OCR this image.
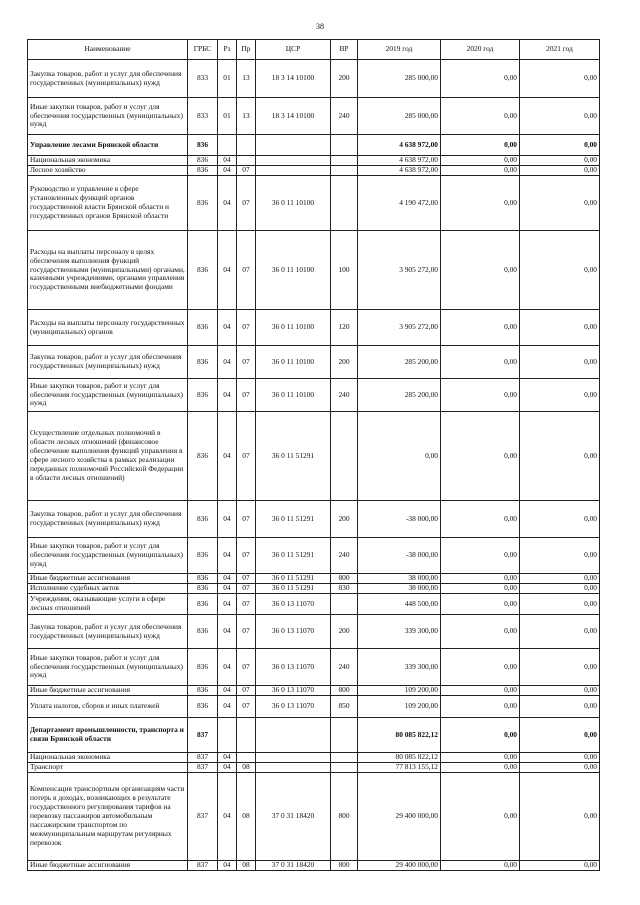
38
Наименование	ГРБС	Рз	Пр	ЦСР	ВР	2019 год	2020 год	2021 год
Закупка товаров, работ и услуг для обеспечения государственных (муниципальных) нужд	833	01	13	18 3 14 10100	200	285 000,00	0,00	0,00
Иные закупки товаров, работ и услуг для обеспечения государственных (муниципальных) нужд	833	01	13	18 3 14 10100	240	285 000,00	0,00	0,00
Управление лесами Брянской области	836					4 638 972,00	0,00	0,00
Национальная экономика	836	04				4 638 972,00	0,00	0,00
Лесное хозяйство	836	04	07			4 638 972,00	0,00	0,00
Руководство и управление в сфере установленных функций органов государственной власти Брянской области и государственных органов Брянской области	836	04	07	36 0 11 10100		4 190 472,00	0,00	0,00
Расходы на выплаты персоналу в целях обеспечения выполнения функций государственными (муниципальными) органами, казенными учреждениями, органами управления государственными внебюджетными фондами	836	04	07	36 0 11 10100	100	3 905 272,00	0,00	0,00
Расходы на выплаты персоналу государственных (муниципальных) органов	836	04	07	36 0 11 10100	120	3 905 272,00	0,00	0,00
Закупка товаров, работ и услуг для обеспечения государственных (муниципальных) нужд	836	04	07	36 0 11 10100	200	285 200,00	0,00	0,00
Иные закупки товаров, работ и услуг для обеспечения государственных (муниципальных) нужд	836	04	07	36 0 11 10100	240	285 200,00	0,00	0,00
Осуществление отдельных полномочий в области лесных отношений (финансовое обеспечение выполнения функций управления в сфере лесного хозяйства в рамках реализации переданных полномочий Российской Федерации в области лесных отношений)	836	04	07	36 0 11 51291		0,00	0,00	0,00
Закупка товаров, работ и услуг для обеспечения государственных (муниципальных) нужд	836	04	07	36 0 11 51291	200	-38 000,00	0,00	0,00
Иные закупки товаров, работ и услуг для обеспечения государственных (муниципальных) нужд	836	04	07	36 0 11 51291	240	-38 000,00	0,00	0,00
Иные бюджетные ассигнования	836	04	07	36 0 11 51291	800	38 000,00	0,00	0,00
Исполнение судебных актов	836	04	07	36 0 11 51291	830	38 000,00	0,00	0,00
Учреждения, оказывающие услуги в сфере лесных отношений	836	04	07	36 0 13 11070		448 500,00	0,00	0,00
Закупка товаров, работ и услуг для обеспечения государственных (муниципальных) нужд	836	04	07	36 0 13 11070	200	339 300,00	0,00	0,00
Иные закупки товаров, работ и услуг для обеспечения государственных (муниципальных) нужд	836	04	07	36 0 13 11070	240	339 300,00	0,00	0,00
Иные бюджетные ассигнования	836	04	07	36 0 13 11070	800	109 200,00	0,00	0,00
Уплата налогов, сборов и иных платежей	836	04	07	36 0 13 11070	850	109 200,00	0,00	0,00
Департамент промышленности, транспорта и связи Брянской области	837					80 085 822,12	0,00	0,00
Национальная экономика	837	04				80 085 822,12	0,00	0,00
Транспорт	837	04	08			77 813 155,12	0,00	0,00
Компенсация транспортным организациям части потерь в доходах, возникающих в результате государственного регулирования тарифов на перевозку пассажиров автомобильным пассажирским транспортом по межмуниципальным маршрутам регулярных перевозок	837	04	08	37 0 31 18420	800	29 400 000,00	0,00	0,00
Иные бюджетные ассигнования	837	04	08	37 0 31 18420	800	29 400 000,00	0,00	0,00
